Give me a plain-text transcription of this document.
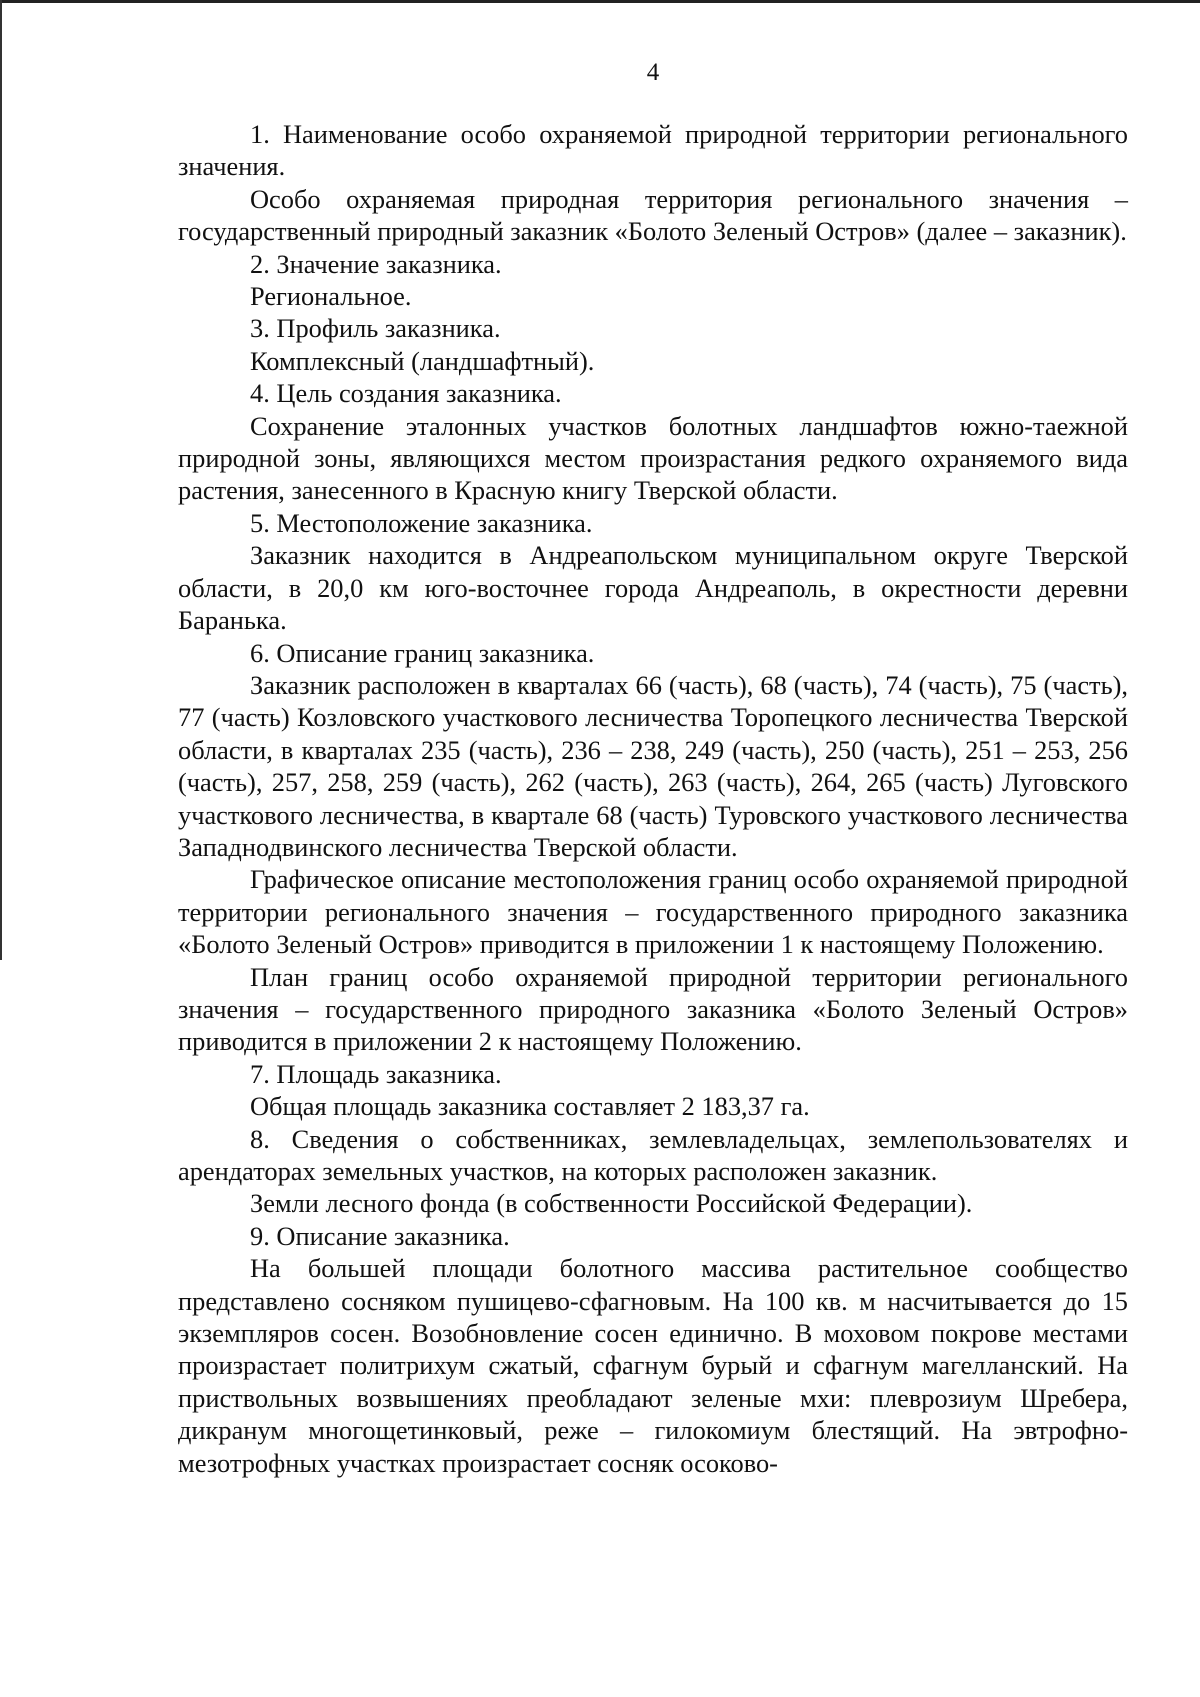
4

1. Наименование особо охраняемой природной территории регионального значения.

Особо охраняемая природная территория регионального значения – государственный природный заказник «Болото Зеленый Остров» (далее – заказник).

2. Значение заказника.

Региональное.

3. Профиль заказника.

Комплексный (ландшафтный).

4. Цель создания заказника.

Сохранение эталонных участков болотных ландшафтов южно-таежной природной зоны, являющихся местом произрастания редкого охраняемого вида растения, занесенного в Красную книгу Тверской области.

5. Местоположение заказника.

Заказник находится в Андреапольском муниципальном округе Тверской области, в 20,0 км юго-восточнее города Андреаполь, в окрестности деревни Баранька.

6. Описание границ заказника.

Заказник расположен в кварталах 66 (часть), 68 (часть), 74 (часть), 75 (часть), 77 (часть) Козловского участкового лесничества Торопецкого лесничества Тверской области, в кварталах 235 (часть), 236 – 238, 249 (часть), 250 (часть), 251 – 253, 256 (часть), 257, 258, 259 (часть), 262 (часть), 263 (часть), 264, 265 (часть) Луговского участкового лесничества, в квартале 68 (часть) Туровского участкового лесничества Западнодвинского лесничества Тверской области.

Графическое описание местоположения границ особо охраняемой природной территории регионального значения – государственного природного заказника «Болото Зеленый Остров» приводится в приложении 1 к настоящему Положению.

План границ особо охраняемой природной территории регионального значения – государственного природного заказника «Болото Зеленый Остров» приводится в приложении 2 к настоящему Положению.

7. Площадь заказника.

Общая площадь заказника составляет 2 183,37 га.

8. Сведения о собственниках, землевладельцах, землепользователях и арендаторах земельных участков, на которых расположен заказник.

Земли лесного фонда (в собственности Российской Федерации).

9. Описание заказника.

На большей площади болотного массива растительное сообщество представлено сосняком пушицево-сфагновым. На 100 кв. м насчитывается до 15 экземпляров сосен. Возобновление сосен единично. В моховом покрове местами произрастает политрихум сжатый, сфагнум бурый и сфагнум магелланский. На приствольных возвышениях преобладают зеленые мхи: плеврозиум Шребера, дикранум многощетинковый, реже – гилокомиум блестящий. На эвтрофно-мезотрофных участках произрастает сосняк осоково-
